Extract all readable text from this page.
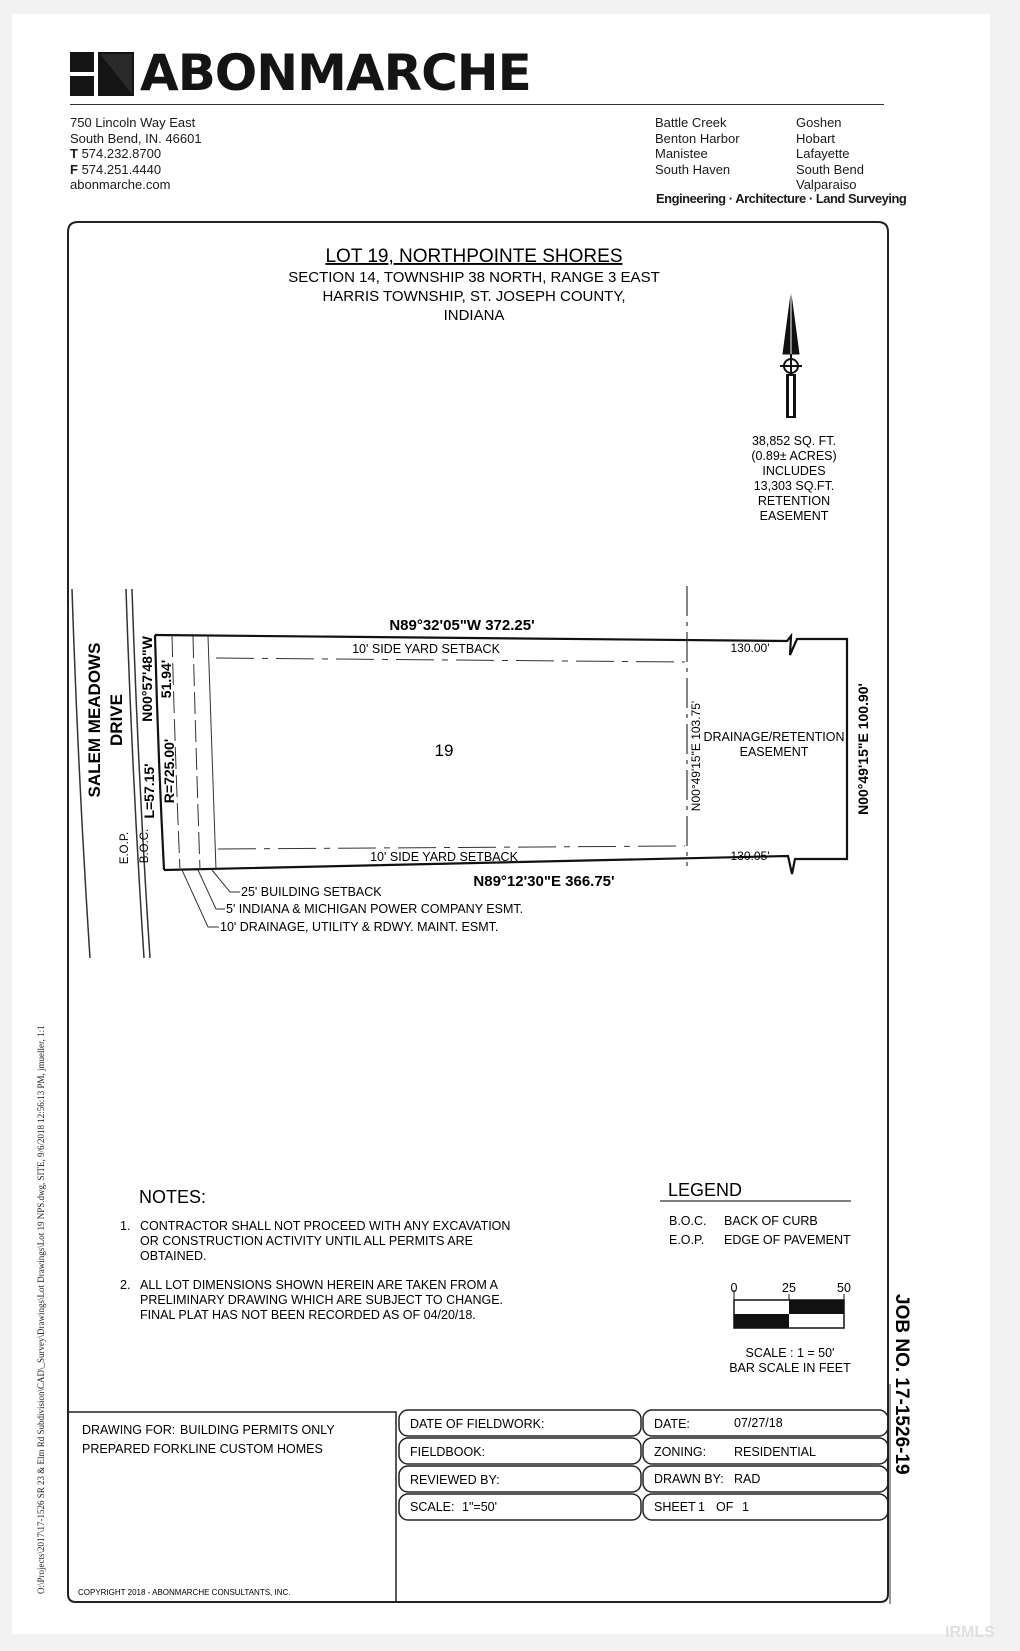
ABONMARCHE
750 Lincoln Way East
South Bend, IN. 46601
T 574.232.8700
F 574.251.4440
abonmarche.com
Battle Creek
Benton Harbor
Manistee
South Haven
Goshen
Hobart
Lafayette
South Bend
Valparaiso
Engineering · Architecture · Land Surveying
O:\Projects\2017\17-1526 SR 23 & Elm Rd Subdivision\CAD\_Survey\Drawings\Lot Drawings\Lot 19 NPS.dwg, SITE, 9/6/2018 12:56:13 PM, jmueller, 1:1
LOT 19, NORTHPOINTE SHORES
SECTION 14, TOWNSHIP 38 NORTH, RANGE 3 EAST
HARRIS TOWNSHIP, ST. JOSEPH COUNTY,
INDIANA
38,852 SQ. FT.
(0.89± ACRES)
INCLUDES
13,303 SQ.FT.
RETENTION
EASEMENT
N89°32'05"W 372.25'
10' SIDE YARD SETBACK
10' SIDE YARD SETBACK
N89°12'30"E 366.75'
19
DRAINAGE/RETENTION
EASEMENT
130.00'
130.05'
N00°49'15"E 103.75'	N00°49'15"E 100.90'
N00°57'48"W 51.94'
L=57.15' R=725.00'
SALEM MEADOWS DRIVE
E.O.P. B.O.C.
25' BUILDING SETBACK
5' INDIANA & MICHIGAN POWER COMPANY ESMT.
10' DRAINAGE, UTILITY & RDWY. MAINT. ESMT.
NOTES:
1. CONTRACTOR SHALL NOT PROCEED WITH ANY EXCAVATION
OR CONSTRUCTION ACTIVITY UNTIL ALL PERMITS ARE
OBTAINED.
2. ALL LOT DIMENSIONS SHOWN HEREIN ARE TAKEN FROM A
PRELIMINARY DRAWING WHICH ARE SUBJECT TO CHANGE.
FINAL PLAT HAS NOT BEEN RECORDED AS OF 04/20/18.
LEGEND
B.O.C. BACK OF CURB
E.O.P. EDGE OF PAVEMENT
0	25	50
SCALE : 1 = 50'
BAR SCALE IN FEET JOB NO. 17-1526-19
DRAWING FOR: BUILDING PERMITS ONLY
PREPARED FOR:
KLINE CUSTOM HOMES
COPYRIGHT 2018 - ABONMARCHE CONSULTANTS, INC.
DATE OF FIELDWORK:
FIELDBOOK:
REVIEWED BY:
SCALE: 1"=50'
DATE:	07/27/18
ZONING: RESIDENTIAL
DRAWN BY: RAD
SHEET 1 OF 1
IRMLS
